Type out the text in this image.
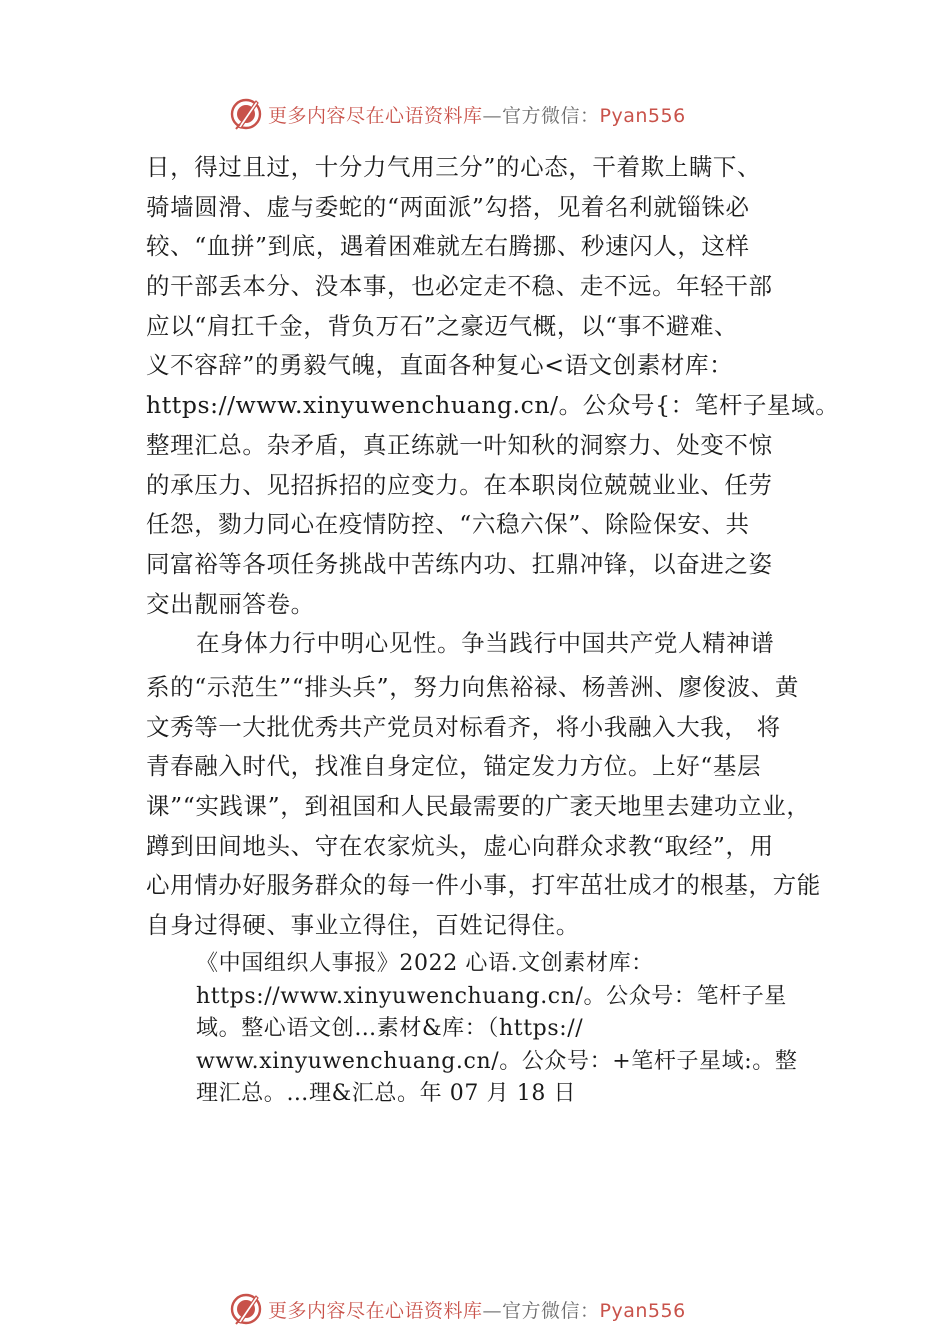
更多内容尽在心语资料库—官方微信：Pyan556
日，得过且过，十分力气用三分”的心态，干着欺上瞒下、
骑墙圆滑、虚与委蛇的“两面派”勾搭，见着名利就锱铢必
较、“血拼”到底，遇着困难就左右腾挪、秒速闪人，这样
的干部丢本分、没本事，也必定走不稳、走不远。年轻干部
应以“肩扛千金，背负万石”之豪迈气概，以“事不避难、
义不容辞”的勇毅气魄，直面各种复心<语文创素材库：
https://www.xinyuwenchuang.cn/。公众号{：笔杆子星域。
整理汇总。杂矛盾，真正练就一叶知秋的洞察力、处变不惊
的承压力、见招拆招的应变力。在本职岗位兢兢业业、任劳
任怨，勠力同心在疫情防控、“六稳六保”、除险保安、共
同富裕等各项任务挑战中苦练内功、扛鼎冲锋，以奋进之姿
交出靓丽答卷。
在身体力行中明心见性。争当践行中国共产党人精神谱
系的“示范生”“排头兵”，努力向焦裕禄、杨善洲、廖俊波、黄
文秀等一大批优秀共产党员对标看齐，将小我融入大我， 将
青春融入时代，找准自身定位，锚定发力方位。上好“基层
课”“实践课”，到祖国和人民最需要的广袤天地里去建功立业，
蹲到田间地头、守在农家炕头，虚心向群众求教“取经”，用
心用情办好服务群众的每一件小事，打牢茁壮成才的根基，方能
自身过得硬、事业立得住，百姓记得住。
《中国组织人事报》2022 心语.文创素材库：
https://www.xinyuwenchuang.cn/。公众号：笔杆子星
域。整心语文创…素材&库：（https://
www.xinyuwenchuang.cn/。公众号：+笔杆子星域:。整
理汇总。…理&汇总。年 07 月 18 日
更多内容尽在心语资料库—官方微信：Pyan556
